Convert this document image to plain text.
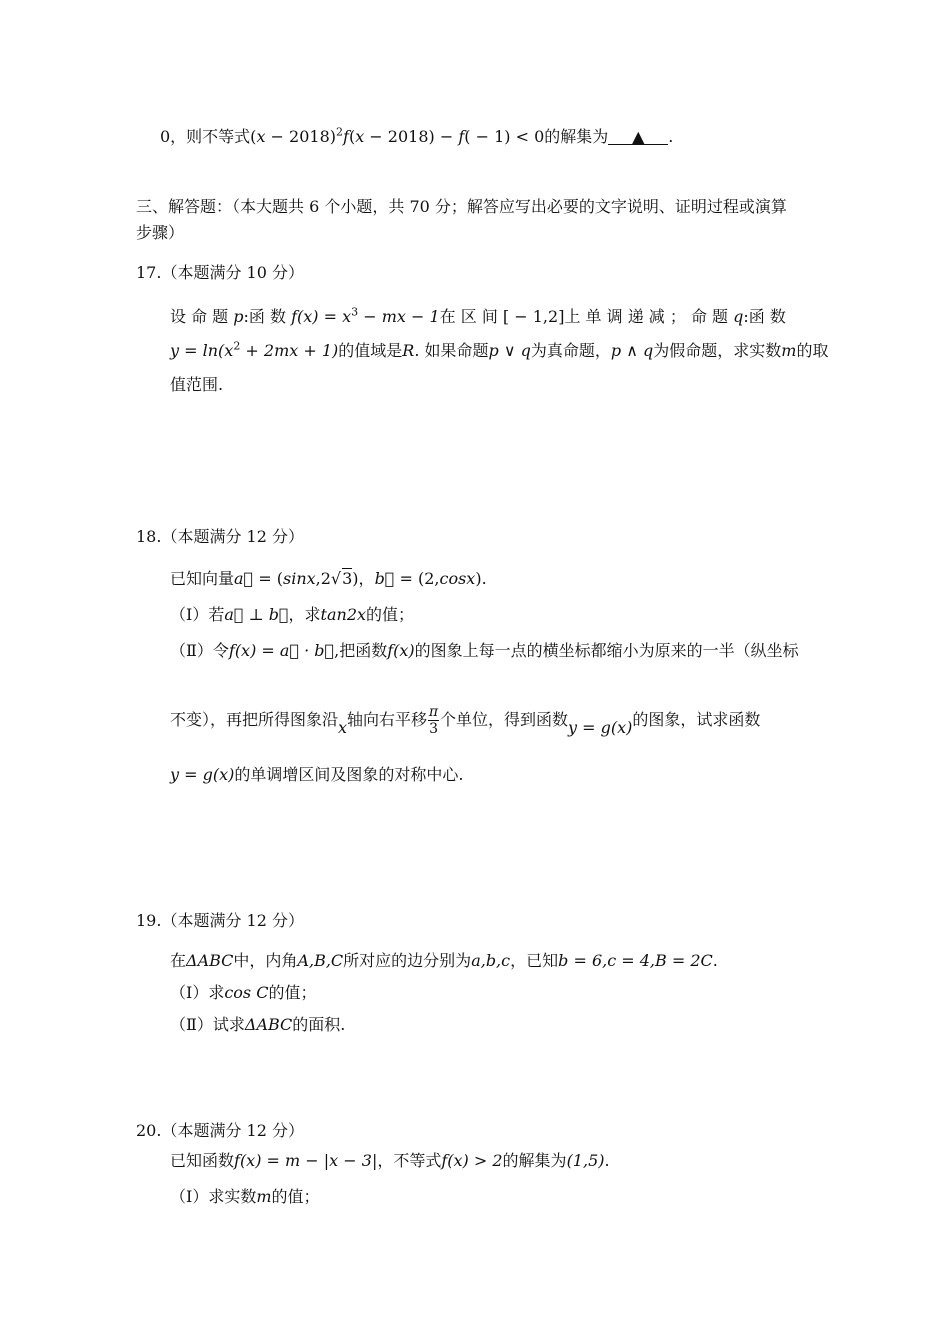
0，则不等式$(x - 2018)^2f(x - 2018) - f( - 1) < 0$的解集为 ▲ .
三、解答题：（本大题共 6 个小题，共 70 分；解答应写出必要的文字说明、证明过程或演算
步骤）
17.（本题满分 10 分）
设 命 题 p:函 数 $f(x) = x^3$ − mx − 1在 区 间 [ − 1,2]上 单 调 递 减 ； 命 题 q:函 数
$y = \ln(x^2 + 2mx + 1)$的值域是R. 如果命题p ∨ q为真命题，p ∧ q为假命题，求实数m的取
值范围.
18.（本题满分 12 分）
已知向量a⃗ = (sinx,2√3)，b⃗ = (2,cosx).
（Ⅰ）若a⃗ ⊥ b⃗，求tan2x的值；
（Ⅱ）令f(x) = a⃗ · b⃗,把函数f(x)的图象上每一点的横坐标都缩小为原来的一半（纵坐标
不变），再把所得图象沿x轴向右平移 $\frac{\pi}{3}$ 个单位，得到函数y = g(x)的图象，试求函数
y = g(x)的单调增区间及图象的对称中心.
19.（本题满分 12 分）
在ΔABC中，内角A,B,C所对应的边分别为a,b,c，已知b = 6,c = 4,B = 2C.
（Ⅰ）求cos C的值；
（Ⅱ）试求ΔABC的面积.
20.（本题满分 12 分）
已知函数f(x) = m − |x − 3|，不等式f(x) > 2的解集为(1,5).
（Ⅰ）求实数m的值；
